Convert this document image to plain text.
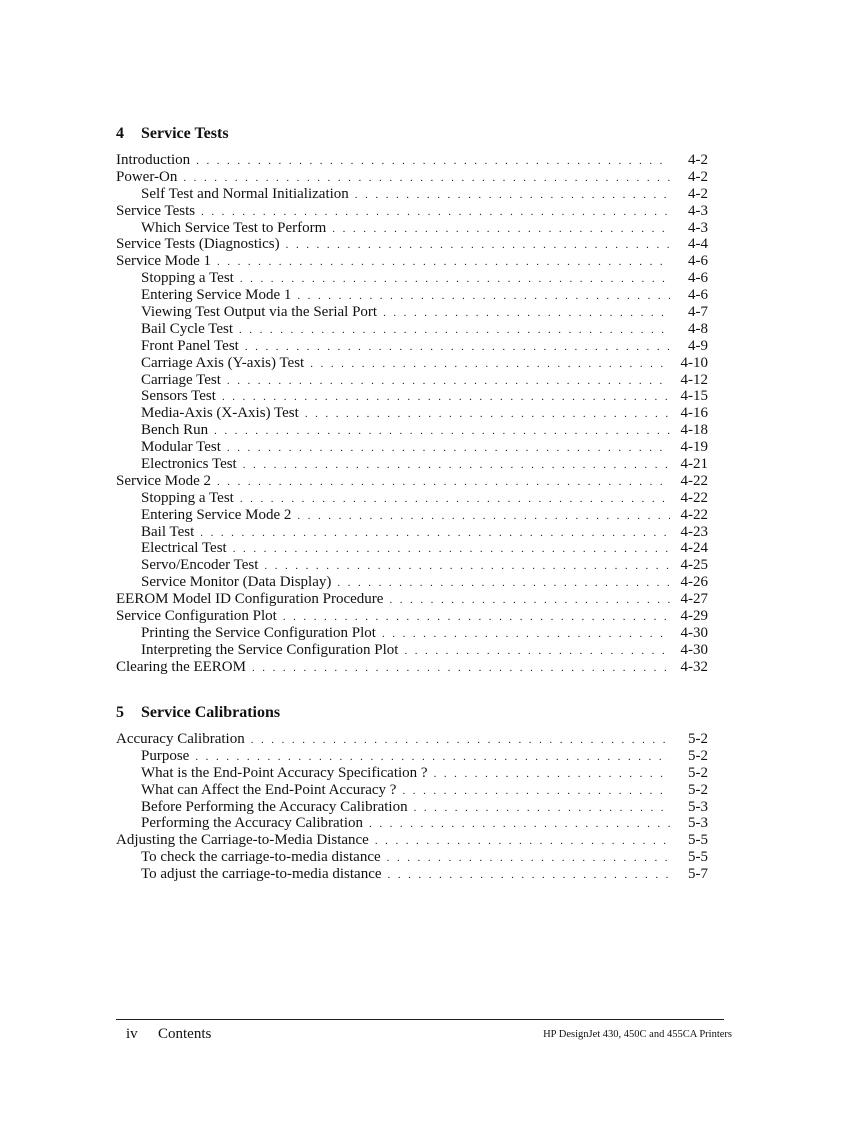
4 Service Tests
Introduction . . .	4-2
Power-On . . .	4-2
Self Test and Normal Initialization . . .	4-2
Service Tests . . .	4-3
Which Service Test to Perform . . .	4-3
Service Tests (Diagnostics) . . .	4-4
Service Mode 1 . . .	4-6
Stopping a Test . . .	4-6
Entering Service Mode 1 . . .	4-6
Viewing Test Output via the Serial Port . . .	4-7
Bail Cycle Test . . .	4-8
Front Panel Test . . .	4-9
Carriage Axis (Y-axis) Test . . .	4-10
Carriage Test . . .	4-12
Sensors Test . . .	4-15
Media-Axis (X-Axis) Test . . .	4-16
Bench Run . . .	4-18
Modular Test . . .	4-19
Electronics Test . . .	4-21
Service Mode 2 . . .	4-22
Stopping a Test . . .	4-22
Entering Service Mode 2 . . .	4-22
Bail Test . . .	4-23
Electrical Test . . .	4-24
Servo/Encoder Test . . .	4-25
Service Monitor (Data Display) . . .	4-26
EEROM Model ID Configuration Procedure . . .	4-27
Service Configuration Plot . . .	4-29
Printing the Service Configuration Plot . . .	4-30
Interpreting the Service Configuration Plot . . .	4-30
Clearing the EEROM . . .	4-32
5 Service Calibrations
Accuracy Calibration . . .	5-2
Purpose . . .	5-2
What is the End-Point Accuracy Specification ? . . .	5-2
What can Affect the End-Point Accuracy ? . . .	5-2
Before Performing the Accuracy Calibration . . .	5-3
Performing the Accuracy Calibration . . .	5-3
Adjusting the Carriage-to-Media Distance . . .	5-5
To check the carriage-to-media distance . . .	5-5
To adjust the carriage-to-media distance . . .	5-7
iv Contents	HP DesignJet 430, 450C and 455CA Printers
